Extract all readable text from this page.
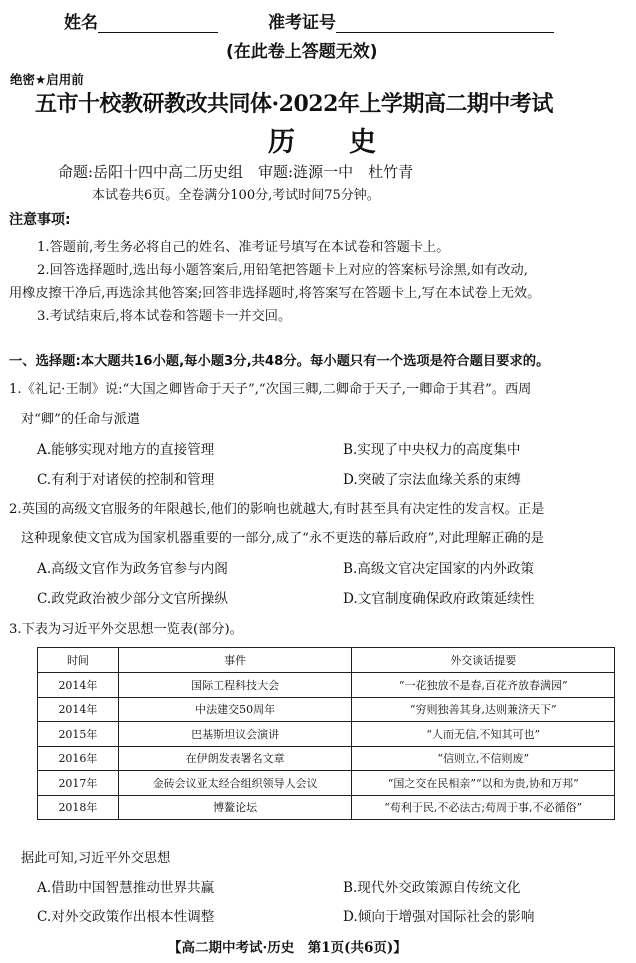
姓名	准考证号
(在此卷上答题无效)
绝密★启用前
五市十校教研教改共同体·2022年上学期高二期中考试
历　　史
命题:岳阳十四中高二历史组　审题:涟源一中　杜竹青
本试卷共6页。全卷满分100分,考试时间75分钟。
注意事项:
1.答题前,考生务必将自己的姓名、准考证号填写在本试卷和答题卡上。
2.回答选择题时,选出每小题答案后,用铅笔把答题卡上对应的答案标号涂黑,如有改动,
用橡皮擦干净后,再选涂其他答案;回答非选择题时,将答案写在答题卡上,写在本试卷上无效。
3.考试结束后,将本试卷和答题卡一并交回。
一、选择题:本大题共16小题,每小题3分,共48分。每小题只有一个选项是符合题目要求的。
1.《礼记·王制》说:“大国之卿皆命于天子”,“次国三卿,二卿命于天子,一卿命于其君”。西周
对“卿”的任命与派遣
A.能够实现对地方的直接管理	B.实现了中央权力的高度集中
C.有利于对诸侯的控制和管理	D.突破了宗法血缘关系的束缚
2.英国的高级文官服务的年限越长,他们的影响也就越大,有时甚至具有决定性的发言权。正是
这种现象使文官成为国家机器重要的一部分,成了“永不更迭的幕后政府”,对此理解正确的是
A.高级文官作为政务官参与内阁	B.高级文官决定国家的内外政策
C.政党政治被少部分文官所操纵	D.文官制度确保政府政策延续性
3.下表为习近平外交思想一览表(部分)。
时间	事件	外交谈话提要
2014年	国际工程科技大会	“一花独放不是春,百花齐放春满园”
2014年	中法建交50周年	“穷则独善其身,达则兼济天下”
2015年	巴基斯坦议会演讲	“人而无信,不知其可也”
2016年	在伊朗发表署名文章	“信则立,不信则废”
2017年	金砖会议亚太经合组织领导人会议	“国之交在民相亲”“以和为贵,协和万邦”
2018年	博鳌论坛	“苟利于民,不必法古;苟周于事,不必循俗”
据此可知,习近平外交思想
A.借助中国智慧推动世界共赢	B.现代外交政策源自传统文化
C.对外交政策作出根本性调整	D.倾向于增强对国际社会的影响
【高二期中考试·历史　第1页(共6页)】
